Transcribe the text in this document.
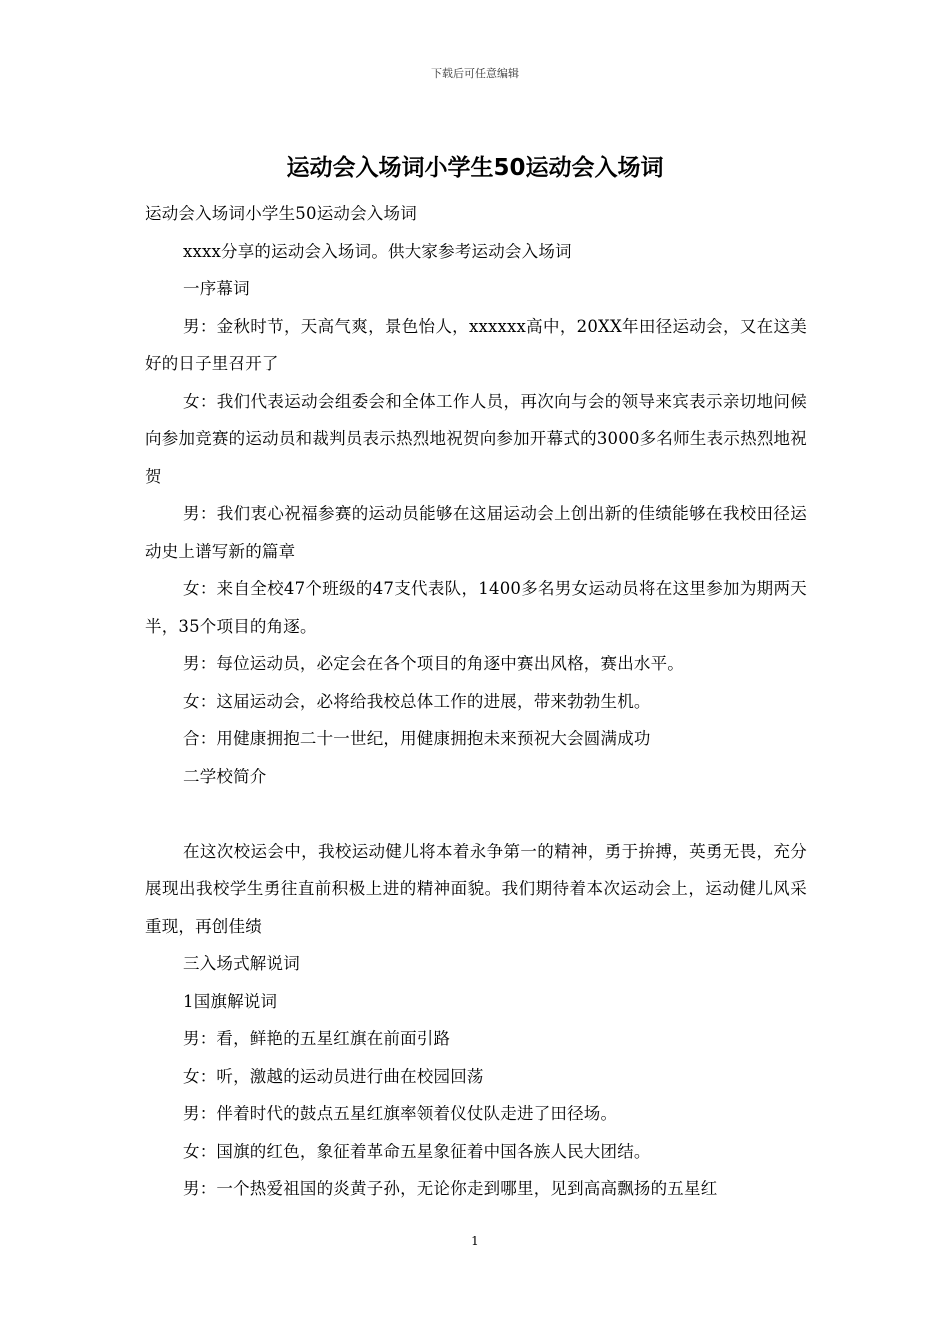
下载后可任意编辑
运动会入场词小学生50运动会入场词

运动会入场词小学生50运动会入场词

xxxx分享的运动会入场词。供大家参考运动会入场词

一序幕词

男：金秋时节，天高气爽，景色怡人，xxxxxx高中，20XX年田径运动会，又在这美好的日子里召开了

女：我们代表运动会组委会和全体工作人员，再次向与会的领导来宾表示亲切地问候向参加竞赛的运动员和裁判员表示热烈地祝贺向参加开幕式的3000多名师生表示热烈地祝贺

男：我们衷心祝福参赛的运动员能够在这届运动会上创出新的佳绩能够在我校田径运动史上谱写新的篇章

女：来自全校47个班级的47支代表队，1400多名男女运动员将在这里参加为期两天半，35个项目的角逐。

男：每位运动员，必定会在各个项目的角逐中赛出风格，赛出水平。

女：这届运动会，必将给我校总体工作的进展，带来勃勃生机。

合：用健康拥抱二十一世纪，用健康拥抱未来预祝大会圆满成功

二学校简介

在这次校运会中，我校运动健儿将本着永争第一的精神，勇于拚搏，英勇无畏，充分展现出我校学生勇往直前积极上进的精神面貌。我们期待着本次运动会上，运动健儿风采重现，再创佳绩

三入场式解说词

1国旗解说词

男：看，鲜艳的五星红旗在前面引路

女：听，激越的运动员进行曲在校园回荡

男：伴着时代的鼓点五星红旗率领着仪仗队走进了田径场。

女：国旗的红色，象征着革命五星象征着中国各族人民大团结。

男：一个热爱祖国的炎黄子孙，无论你走到哪里，见到高高飘扬的五星红

1
